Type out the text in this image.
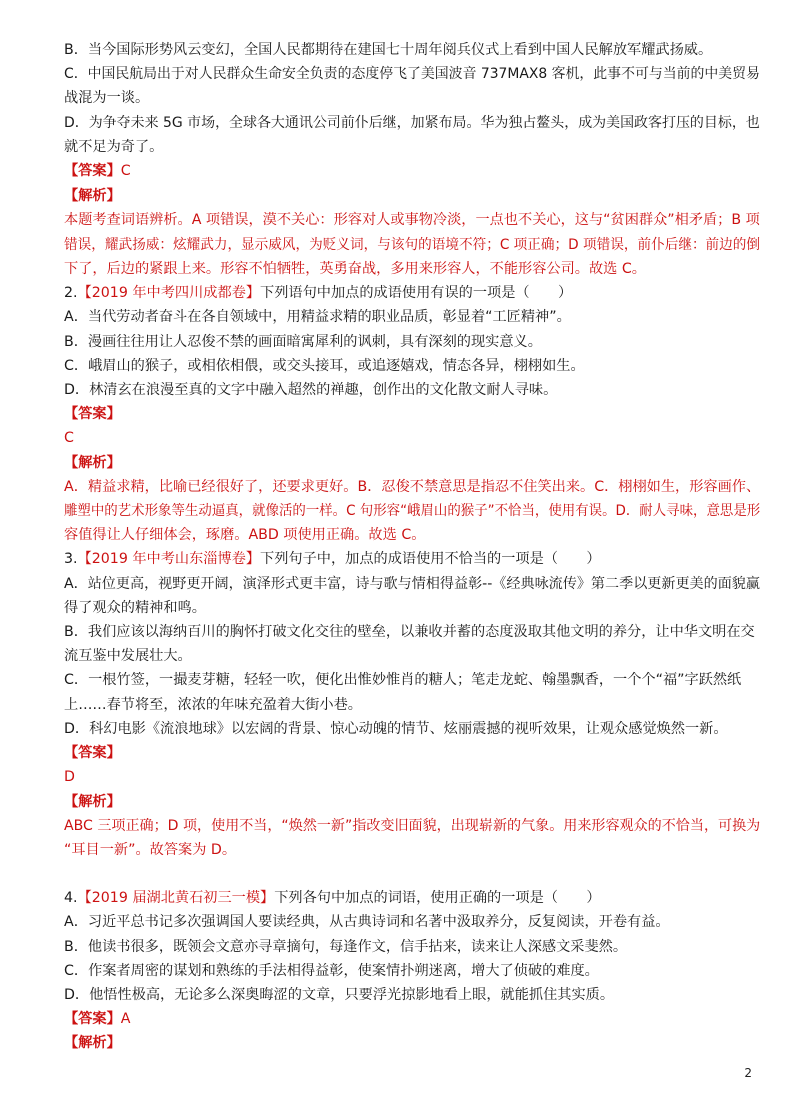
B．当今国际形势风云变幻，全国人民都期待在建国七十周年阅兵仪式上看到中国人民解放军耀武扬威。
C．中国民航局出于对人民群众生命安全负责的态度停飞了美国波音 737MAX8 客机，此事不可与当前的中美贸易
战混为一谈。
D．为争夺未来 5G 市场，全球各大通讯公司前仆后继，加紧布局。华为独占鳌头，成为美国政客打压的目标，也
就不足为奇了。
【答案】C
【解析】
本题考查词语辨析。A 项错误，漠不关心：形容对人或事物冷淡，一点也不关心，这与“贫困群众”相矛盾；B 项
错误，耀武扬威：炫耀武力，显示威风，为贬义词，与该句的语境不符；C 项正确；D 项错误，前仆后继：前边的倒
下了，后边的紧跟上来。形容不怕牺牲，英勇奋战，多用来形容人，不能形容公司。故选 C。
2.【2019 年中考四川成都卷】下列语句中加点的成语使用有误的一项是（　　）
A．当代劳动者奋斗在各自领域中，用精益求精的职业品质，彰显着“工匠精神”。
B．漫画往往用让人忍俊不禁的画面暗寓犀利的讽刺，具有深刻的现实意义。
C．峨眉山的猴子，或相依相偎，或交头接耳，或追逐嬉戏，情态各异，栩栩如生。
D．林清玄在浪漫至真的文字中融入超然的禅趣，创作出的文化散文耐人寻味。
【答案】
C
【解析】
A．精益求精，比喻已经很好了，还要求更好。B．忍俊不禁意思是指忍不住笑出来。C．栩栩如生，形容画作、
雕塑中的艺术形象等生动逼真，就像活的一样。C 句形容“峨眉山的猴子”不恰当，使用有误。D．耐人寻味，意思是形
容值得让人仔细体会，琢磨。ABD 项使用正确。故选 C。
3.【2019 年中考山东淄博卷】下列句子中，加点的成语使用不恰当的一项是（　　）
A．站位更高，视野更开阔，演泽形式更丰富，诗与歌与情相得益彰--《经典咏流传》第二季以更新更美的面貌赢
得了观众的精神和鸣。
B．我们应该以海纳百川的胸怀打破文化交往的壁垒，以兼收并蓄的态度汲取其他文明的养分，让中华文明在交
流互鉴中发展壮大。
C．一根竹签，一撮麦芽糖，轻轻一吹，便化出惟妙惟肖的糖人；笔走龙蛇、翰墨飘香，一个个“福”字跃然纸
上……春节将至，浓浓的年味充盈着大街小巷。
D．科幻电影《流浪地球》以宏阔的背景、惊心动魄的情节、炫丽震撼的视听效果，让观众感觉焕然一新。
【答案】
D
【解析】
ABC 三项正确；D 项，使用不当，“焕然一新”指改变旧面貌，出现崭新的气象。用来形容观众的不恰当，可换为
“耳目一新”。故答案为 D。
4.【2019 届湖北黄石初三一模】下列各句中加点的词语，使用正确的一项是（　　）
A．习近平总书记多次强调国人要读经典，从古典诗词和名著中汲取养分，反复阅读，开卷有益。
B．他读书很多，既领会文意亦寻章摘句，每逢作文，信手拈来，读来让人深感文采斐然。
C．作案者周密的谋划和熟练的手法相得益彰，使案情扑朔迷离，增大了侦破的难度。
D．他悟性极高，无论多么深奥晦涩的文章，只要浮光掠影地看上眼，就能抓住其实质。
【答案】A
【解析】
2
